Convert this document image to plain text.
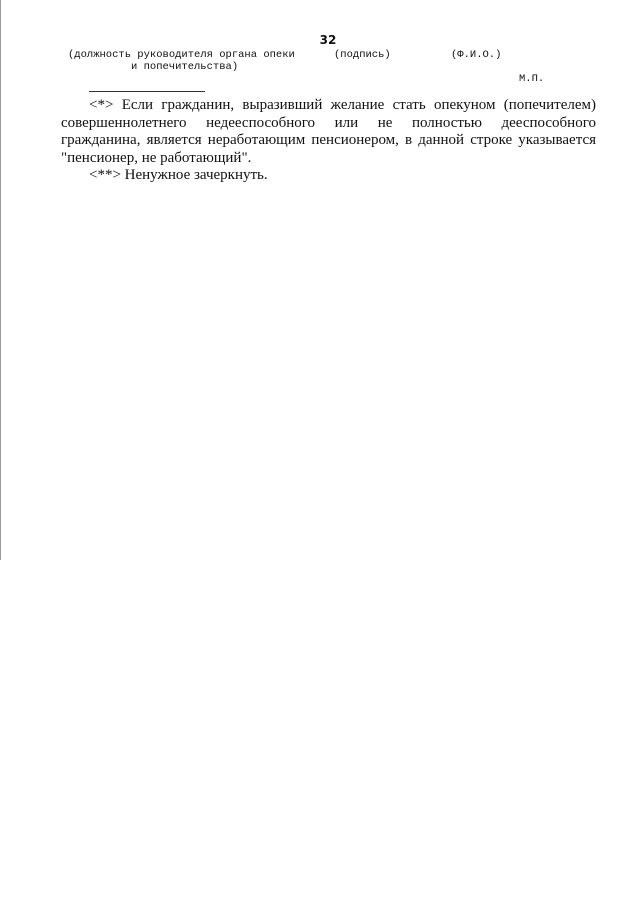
32
(должность руководителя органа опеки
и попечительства)
(подпись)	(Ф.И.О.)
М.П.

<*> Если гражданин, выразивший желание стать опекуном (попечителем) совершеннолетнего недееспособного или не полностью дееспособного гражданина, является неработающим пенсионером, в данной строке указывается "пенсионер, не работающий".

<**> Ненужное зачеркнуть.
